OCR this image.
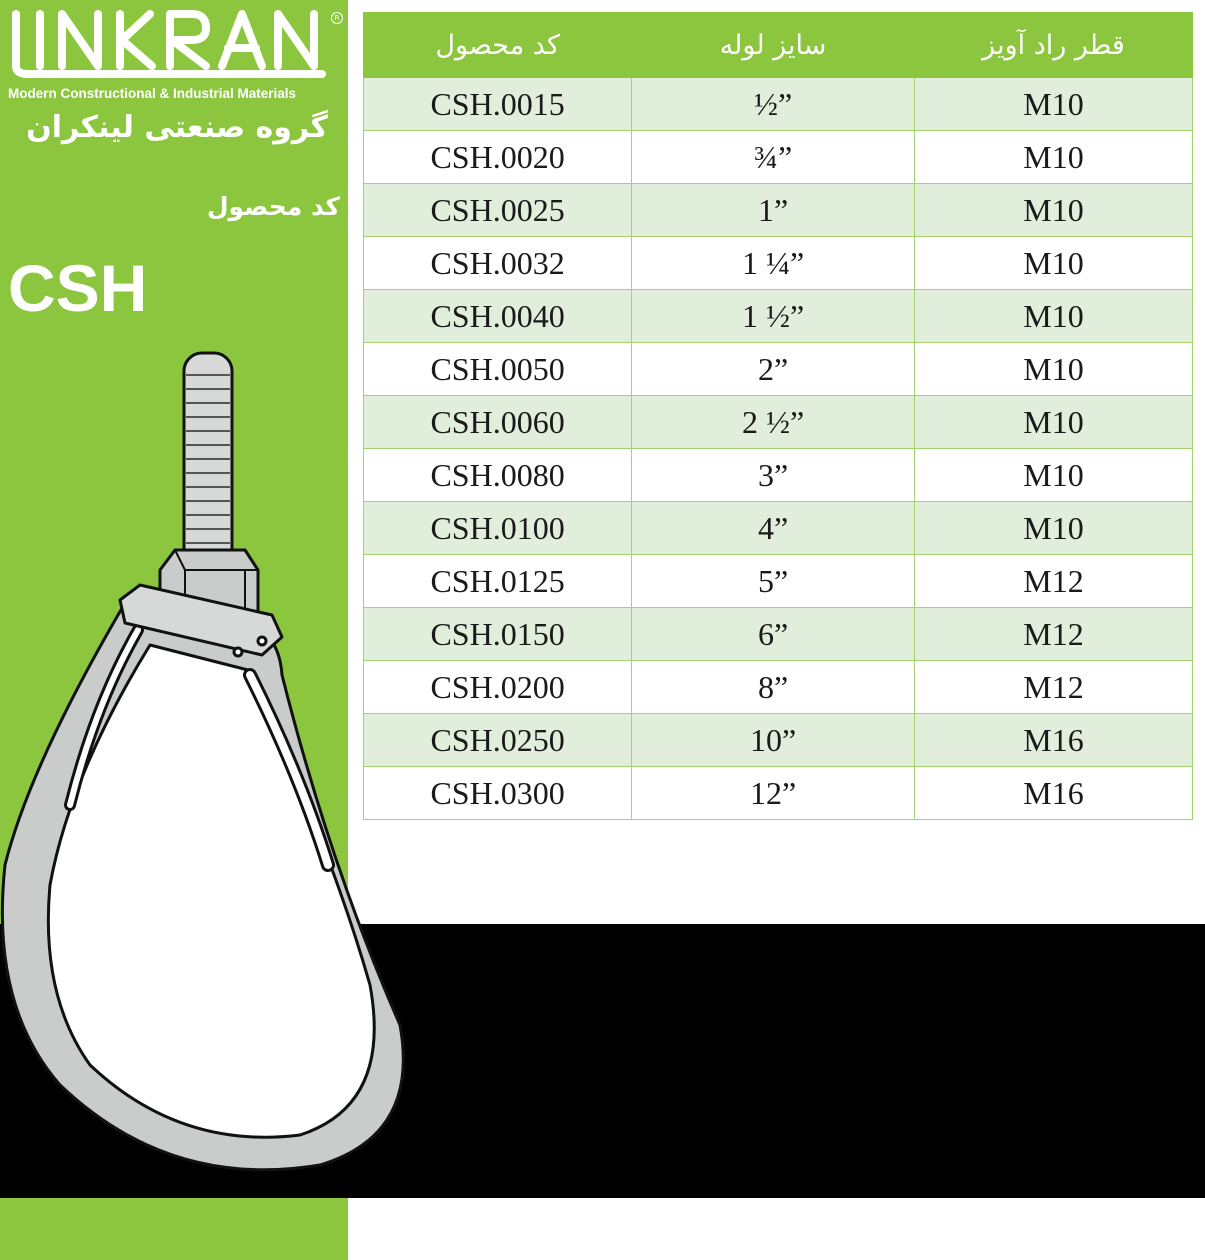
R
Modern Constructional & Industrial Materials
گروه صنعتی لینکران
کد محصول
CSH
کد محصول	سایز لوله	قطر راد آویز
CSH.0015	½”	M10
CSH.0020	¾”	M10
CSH.0025	1”	M10
CSH.0032	1 ¼”	M10
CSH.0040	1 ½”	M10
CSH.0050	2”	M10
CSH.0060	2 ½”	M10
CSH.0080	3”	M10
CSH.0100	4”	M10
CSH.0125	5”	M12
CSH.0150	6”	M12
CSH.0200	8”	M12
CSH.0250	10”	M16
CSH.0300	12”	M16
